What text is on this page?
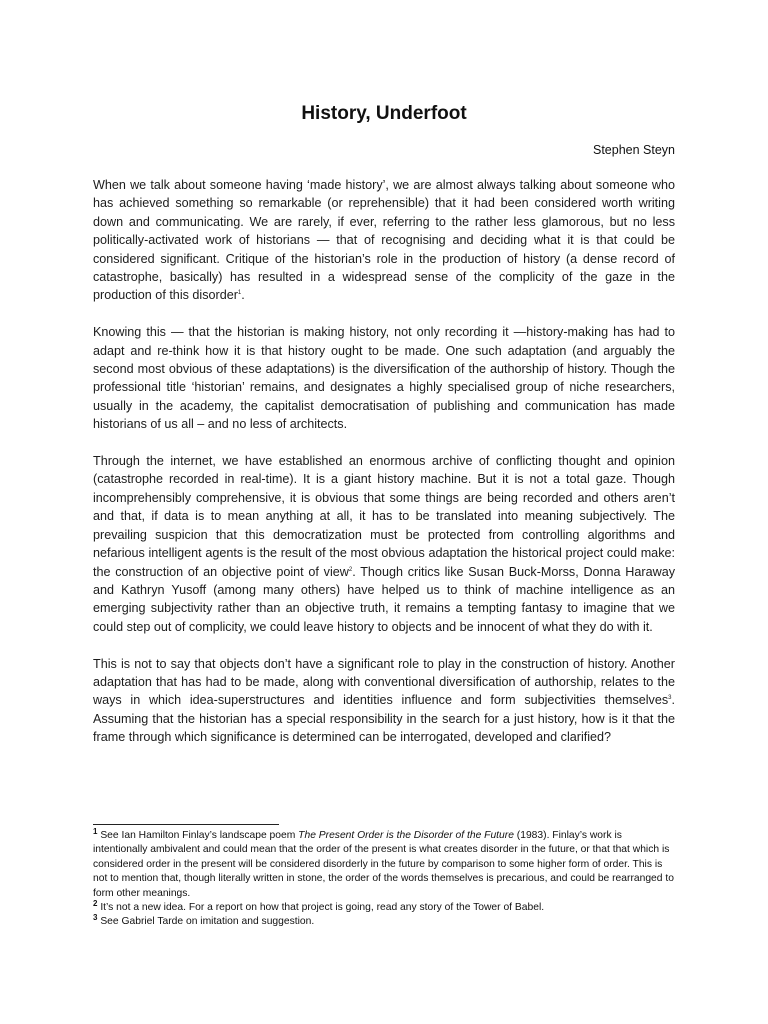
History, Underfoot
Stephen Steyn

When we talk about someone having ‘made history’, we are almost always talking about someone who has achieved something so remarkable (or reprehensible) that it had been considered worth writing down and communicating. We are rarely, if ever, referring to the rather less glamorous, but no less politically-activated work of historians — that of recognising and deciding what it is that could be considered significant. Critique of the historian’s role in the production of history (a dense record of catastrophe, basically) has resulted in a widespread sense of the complicity of the gaze in the production of this disorder$^1$.

Knowing this — that the historian is making history, not only recording it —history-making has had to adapt and re-think how it is that history ought to be made. One such adaptation (and arguably the second most obvious of these adaptations) is the diversification of the authorship of history. Though the professional title ‘historian’ remains, and designates a highly specialised group of niche researchers, usually in the academy, the capitalist democratisation of publishing and communication has made historians of us all – and no less of architects.

Through the internet, we have established an enormous archive of conflicting thought and opinion (catastrophe recorded in real-time). It is a giant history machine. But it is not a total gaze. Though incomprehensibly comprehensive, it is obvious that some things are being recorded and others aren’t and that, if data is to mean anything at all, it has to be translated into meaning subjectively. The prevailing suspicion that this democratization must be protected from controlling algorithms and nefarious intelligent agents is the result of the most obvious adaptation the historical project could make: the construction of an objective point of view$^2$. Though critics like Susan Buck-Morss, Donna Haraway and Kathryn Yusoff (among many others) have helped us to think of machine intelligence as an emerging subjectivity rather than an objective truth, it remains a tempting fantasy to imagine that we could step out of complicity, we could leave history to objects and be innocent of what they do with it.

This is not to say that objects don’t have a significant role to play in the construction of history. Another adaptation that has had to be made, along with conventional diversification of authorship, relates to the ways in which idea-superstructures and identities influence and form subjectivities themselves$^3$. Assuming that the historian has a special responsibility in the search for a just history, how is it that the frame through which significance is determined can be interrogated, developed and clarified?

$^1$ See Ian Hamilton Finlay’s landscape poem The Present Order is the Disorder of the Future (1983). Finlay’s work is intentionally ambivalent and could mean that the order of the present is what creates disorder in the future, or that that which is considered order in the present will be considered disorderly in the future by comparison to some higher form of order. This is not to mention that, though literally written in stone, the order of the words themselves is precarious, and could be rearranged to form other meanings.

$^2$ It’s not a new idea. For a report on how that project is going, read any story of the Tower of Babel.

$^3$ See Gabriel Tarde on imitation and suggestion.
